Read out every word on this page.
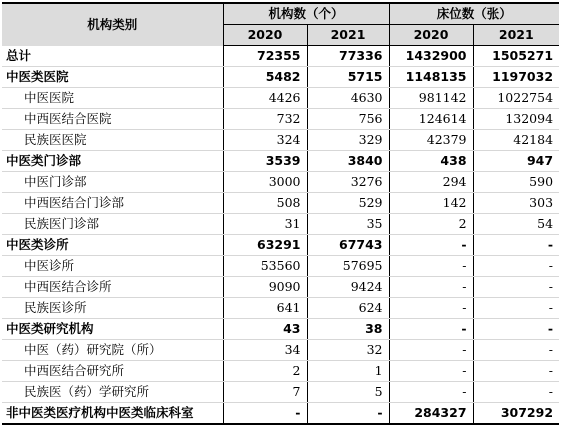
机构类别	机构数（个）		床位数（张）	
	2020	2021	2020	2021
总计	72355	77336	1432900	1505271
中医类医院	5482	5715	1148135	1197032
中医医院	4426	4630	981142	1022754
中西医结合医院	732	756	124614	132094
民族医医院	324	329	42379	42184
中医类门诊部	3539	3840	438	947
中医门诊部	3000	3276	294	590
中西医结合门诊部	508	529	142	303
民族医门诊部	31	35	2	54
中医类诊所	63291	67743	-	-
中医诊所	53560	57695	-	-
中西医结合诊所	9090	9424	-	-
民族医诊所	641	624	-	-
中医类研究机构	43	38	-	-
中医（药）研究院（所）	34	32	-	-
中西医结合研究所	2	1	-	-
民族医（药）学研究所	7	5	-	-
非中医类医疗机构中医类临床科室	-	-	284327	307292
